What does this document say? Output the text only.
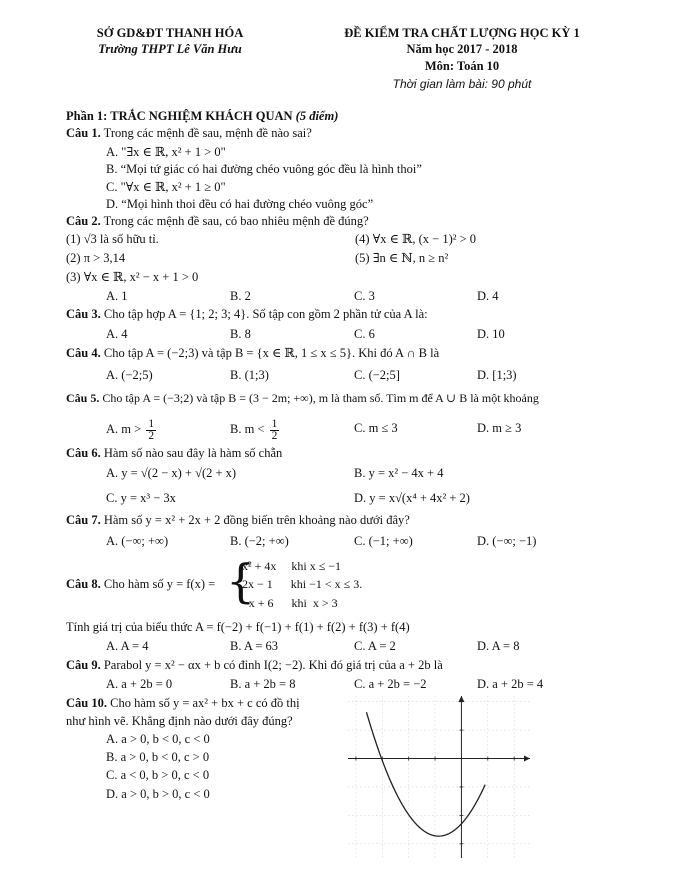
SỞ GD&ĐT THANH HÓA
Trường THPT Lê Văn Hưu
ĐỀ KIỂM TRA CHẤT LƯỢNG HỌC KỲ 1
Năm học 2017 - 2018
Môn: Toán 10
Thời gian làm bài: 90 phút
Phần 1: TRẮC NGHIỆM KHÁCH QUAN (5 điểm)
Câu 1. Trong các mệnh đề sau, mệnh đề nào sai?
A. "∃x ∈ ℝ, x² + 1 > 0"
B. “Mọi tứ giác có hai đường chéo vuông góc đều là hình thoi”
C. "∀x ∈ ℝ, x² + 1 ≥ 0"
D. “Mọi hình thoi đều có hai đường chéo vuông góc”
Câu 2. Trong các mệnh đề sau, có bao nhiêu mệnh đề đúng?
(1) √3 là số hữu tỉ.
(2) π > 3,14
(3) ∀x ∈ ℝ, x² − x + 1 > 0
(4) ∀x ∈ ℝ, (x − 1)² > 0
(5) ∃n ∈ ℕ, n ≥ n²
A. 1	B. 2	C. 3	D. 4
Câu 3. Cho tập hợp A = {1; 2; 3; 4}. Số tập con gồm 2 phần tử của A là:
A. 4	B. 8	C. 6	D. 10
Câu 4. Cho tập A = (−2;3) và tập B = {x ∈ ℝ, 1 ≤ x ≤ 5}. Khi đó A ∩ B là
A. (−2;5)	B. (1;3)	C. (−2;5]	D. [1;3)
Câu 5. Cho tập A = (−3;2) và tập B = (3 − 2m; +∞), m là tham số. Tìm m để A ∪ B là một khoảng
A. $m > \frac{1}{2}$	B. $m < \frac{1}{2}$	C. m ≤ 3	D. m ≥ 3
Câu 6. Hàm số nào sau đây là hàm số chẵn
A. y = √(2 − x) + √(2 + x)	B. y = x² − 4x + 4
C. y = x³ − 3x	D. y = x√(x⁴ + 4x² + 2)
Câu 7. Hàm số y = x² + 2x + 2 đồng biến trên khoảng nào dưới đây?
A. (−∞; +∞)	B. (−2; +∞)	C. (−1; +∞)	D. (−∞; −1)
Câu 8. Cho hàm số y = f(x) = {
x² + 4x     khi x ≤ −1
2x − 1      khi −1 < x ≤ 3.
−x + 6      khi  x > 3
Tính giá trị của biểu thức A = f(−2) + f(−1) + f(1) + f(2) + f(3) + f(4)
A. A = 4	B. A = 63	C. A = 2	D. A = 8
Câu 9. Parabol y = x² − αx + b có đỉnh I(2; −2). Khi đó giá trị của a + 2b là
A. a + 2b = 0	B. a + 2b = 8	C. a + 2b = −2	D. a + 2b = 4
Câu 10. Cho hàm số y = ax² + bx + c có đồ thị
như hình vẽ. Khẳng định nào dưới đây đúng?
A. a > 0, b < 0, c < 0
B. a > 0, b < 0, c > 0
C. a < 0, b > 0, c < 0
D. a > 0, b > 0, c < 0
